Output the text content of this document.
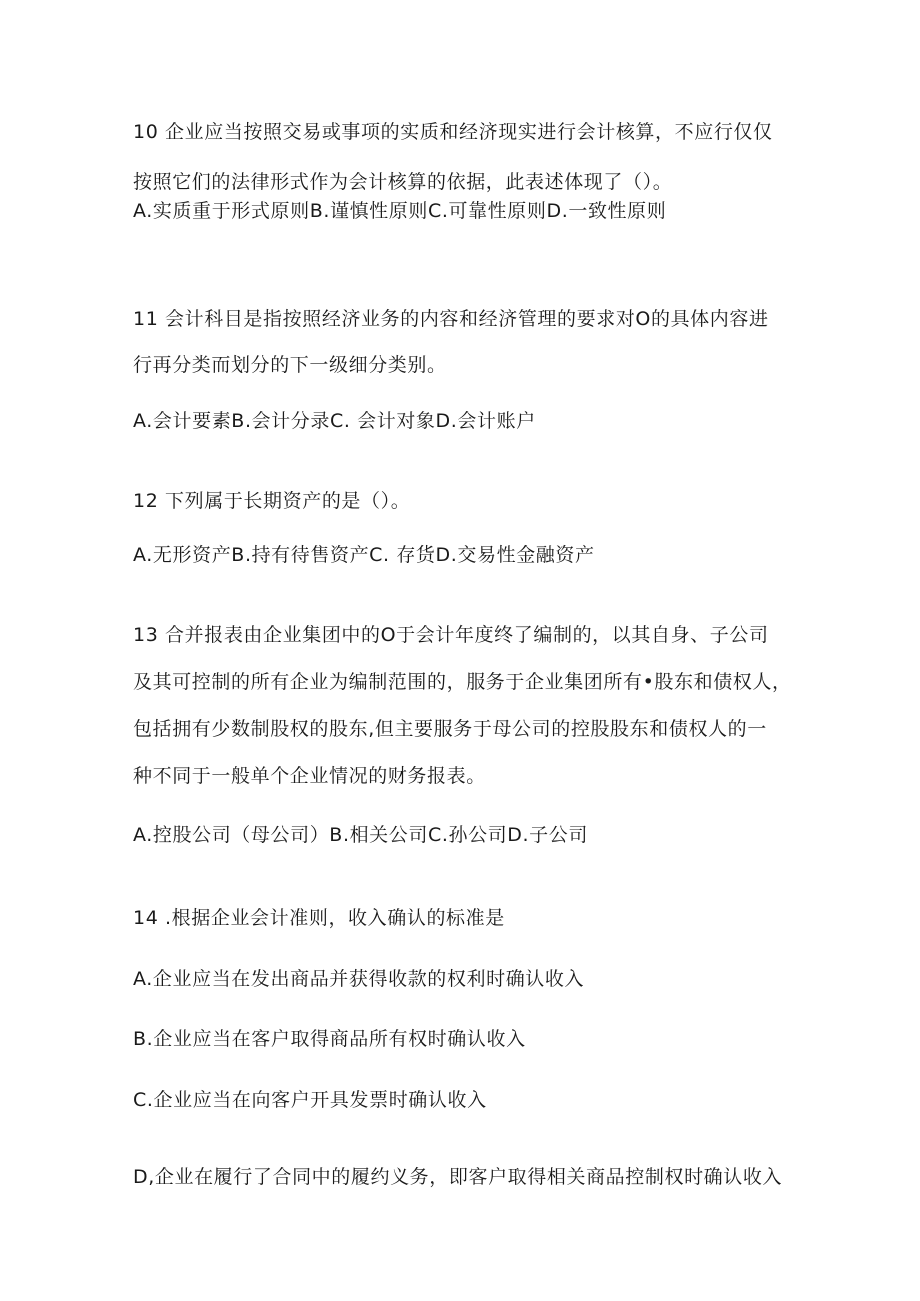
10 企业应当按照交易或事项的实质和经济现实进行会计核算，不应行仅仅

按照它们的法律形式作为会计核算的依据，此表述体现了（）。

A.实质重于形式原则B.谨慎性原则C.可靠性原则D.一致性原则

11 会计科目是指按照经济业务的内容和经济管理的要求对O的具体内容进

行再分类而划分的下一级细分类别。

A.会计要素B.会计分录C. 会计对象D.会计账户

12 下列属于长期资产的是（）。

A.无形资产B.持有待售资产C. 存货D.交易性金融资产

13 合并报表由企业集团中的O于会计年度终了编制的，以其自身、子公司

及其可控制的所有企业为编制范围的，服务于企业集团所有•股东和债权人，

包括拥有少数制股权的股东,但主要服务于母公司的控股股东和债权人的一

种不同于一般单个企业情况的财务报表。

A.控股公司（母公司）B.相关公司C.孙公司D.子公司

14 .根据企业会计准则，收入确认的标准是

A.企业应当在发出商品并获得收款的权利时确认收入

B.企业应当在客户取得商品所有权时确认收入

C.企业应当在向客户开具发票时确认收入

D,企业在履行了合同中的履约义务，即客户取得相关商品控制权时确认收入
